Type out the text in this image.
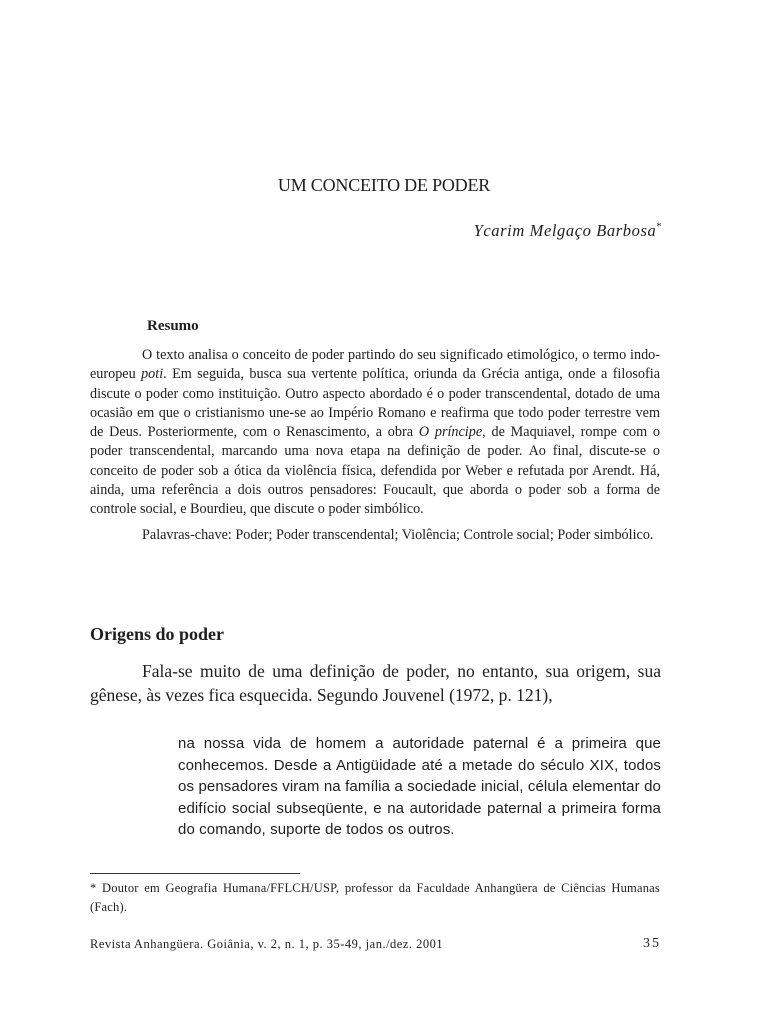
UM CONCEITO DE PODER
Ycarim Melgaço Barbosa*
Resumo

O texto analisa o conceito de poder partindo do seu significado etimológico, o termo indo-europeu poti. Em seguida, busca sua vertente política, oriunda da Grécia antiga, onde a filosofia discute o poder como instituição. Outro aspecto abordado é o poder transcendental, dotado de uma ocasião em que o cristianismo une-se ao Império Romano e reafirma que todo poder terrestre vem de Deus. Posteriormente, com o Renascimento, a obra O príncipe, de Maquiavel, rompe com o poder transcendental, marcando uma nova etapa na definição de poder. Ao final, discute-se o conceito de poder sob a ótica da violência física, defendida por Weber e refutada por Arendt. Há, ainda, uma referência a dois outros pensadores: Foucault, que aborda o poder sob a forma de controle social, e Bourdieu, que discute o poder simbólico.

Palavras-chave: Poder; Poder transcendental; Violência; Controle social; Poder simbólico.

Origens do poder

Fala-se muito de uma definição de poder, no entanto, sua origem, sua gênese, às vezes fica esquecida. Segundo Jouvenel (1972, p. 121),

na nossa vida de homem a autoridade paternal é a primeira que conhecemos. Desde a Antigüidade até a metade do século XIX, todos os pensadores viram na família a sociedade inicial, célula elementar do edifício social subseqüente, e na autoridade paternal a primeira forma do comando, suporte de todos os outros.
* Doutor em Geografia Humana/FFLCH/USP, professor da Faculdade Anhangüera de Ciências Humanas (Fach).
Revista Anhangüera. Goiânia, v. 2, n. 1, p. 35-49, jan./dez. 2001	35
